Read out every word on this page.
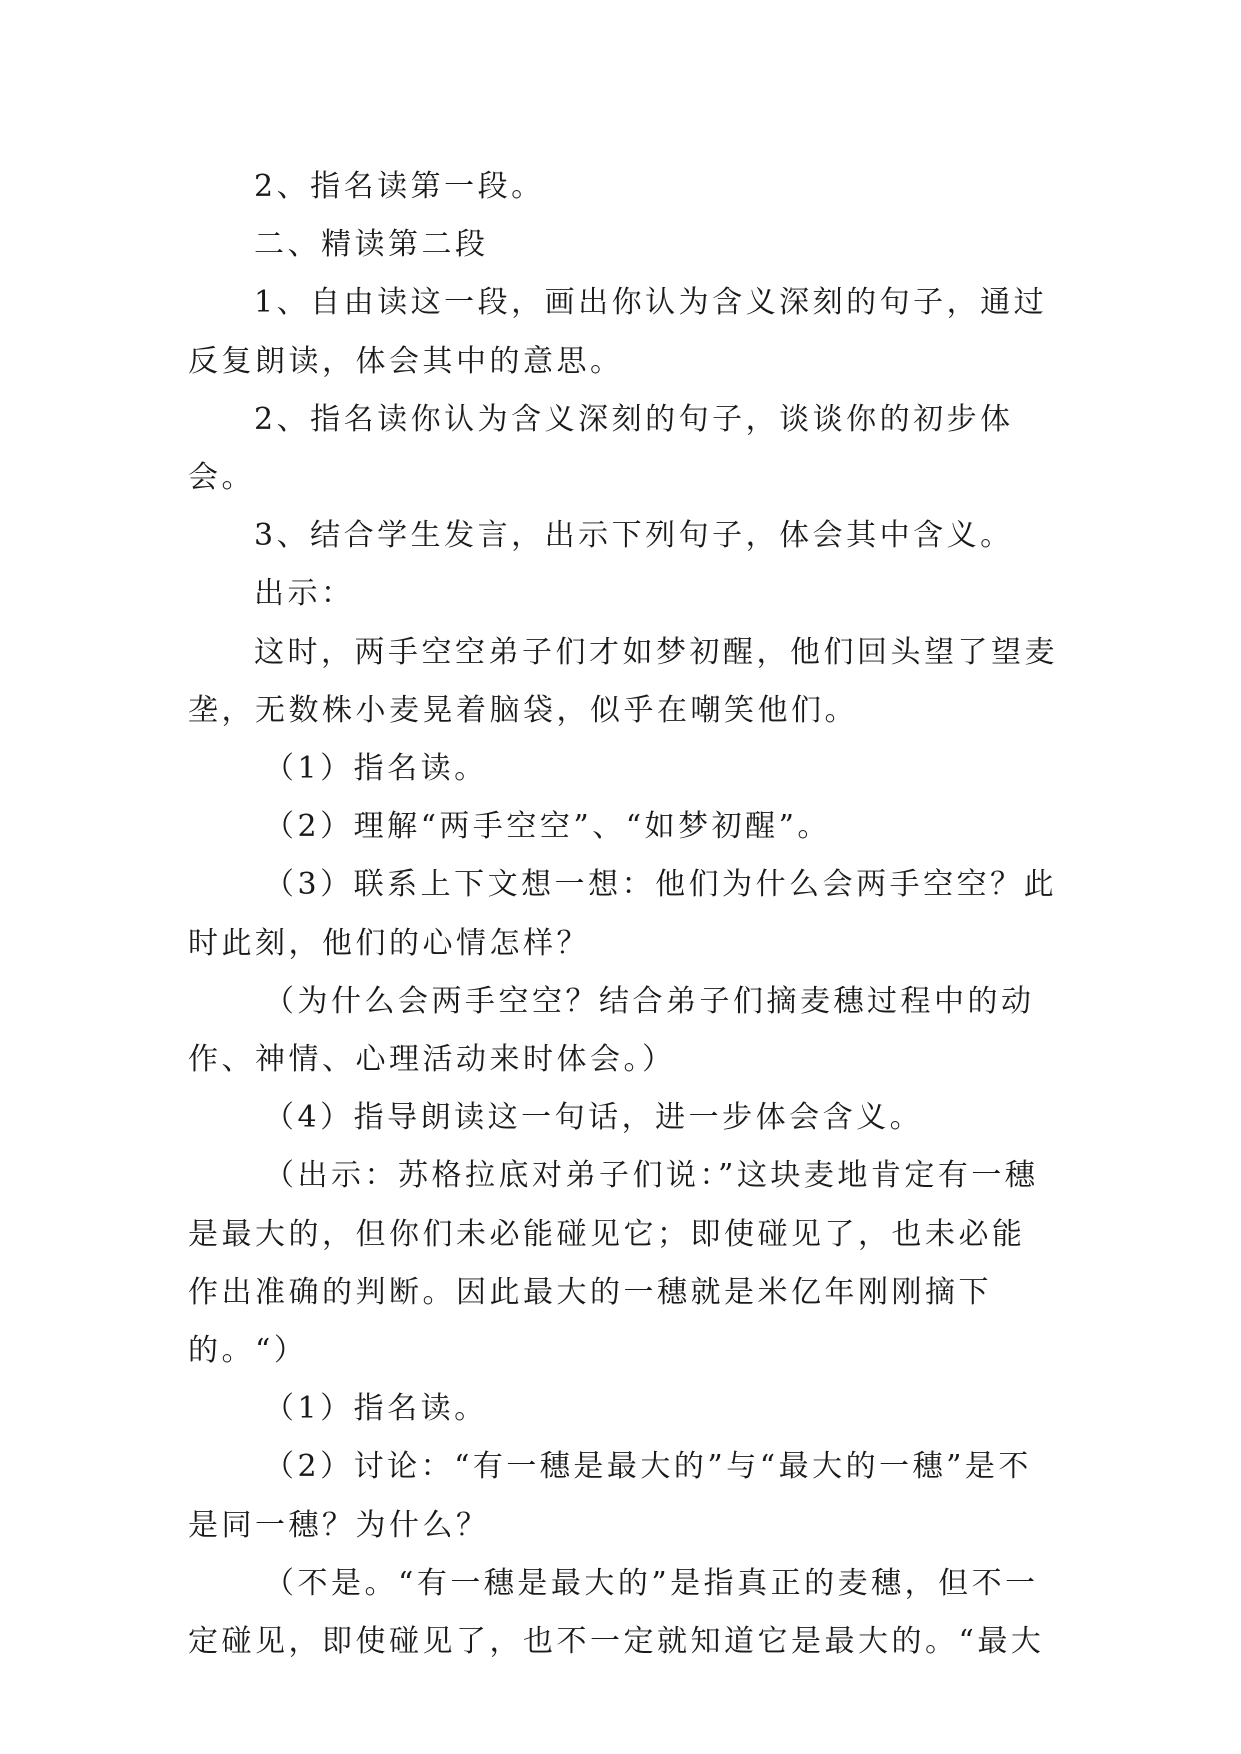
2、指名读第一段。

二、精读第二段

1、自由读这一段，画出你认为含义深刻的句子，通过反复朗读，体会其中的意思。

2、指名读你认为含义深刻的句子，谈谈你的初步体会。

3、结合学生发言，出示下列句子，体会其中含义。

出示：

这时，两手空空弟子们才如梦初醒，他们回头望了望麦垄，无数株小麦晃着脑袋，似乎在嘲笑他们。

（1）指名读。

（2）理解“两手空空”、“如梦初醒”。

（3）联系上下文想一想：他们为什么会两手空空？此时此刻，他们的心情怎样？

（为什么会两手空空？结合弟子们摘麦穗过程中的动作、神情、心理活动来时体会。）

（4）指导朗读这一句话，进一步体会含义。

（出示：苏格拉底对弟子们说：”这块麦地肯定有一穗是最大的，但你们未必能碰见它；即使碰见了，也未必能作出准确的判断。因此最大的一穗就是米亿年刚刚摘下的。“）

（1）指名读。

（2）讨论：“有一穗是最大的”与“最大的一穗”是不是同一穗？为什么？

（不是。“有一穗是最大的”是指真正的麦穗，但不一定碰见，即使碰见了，也不一定就知道它是最大的。“最大
